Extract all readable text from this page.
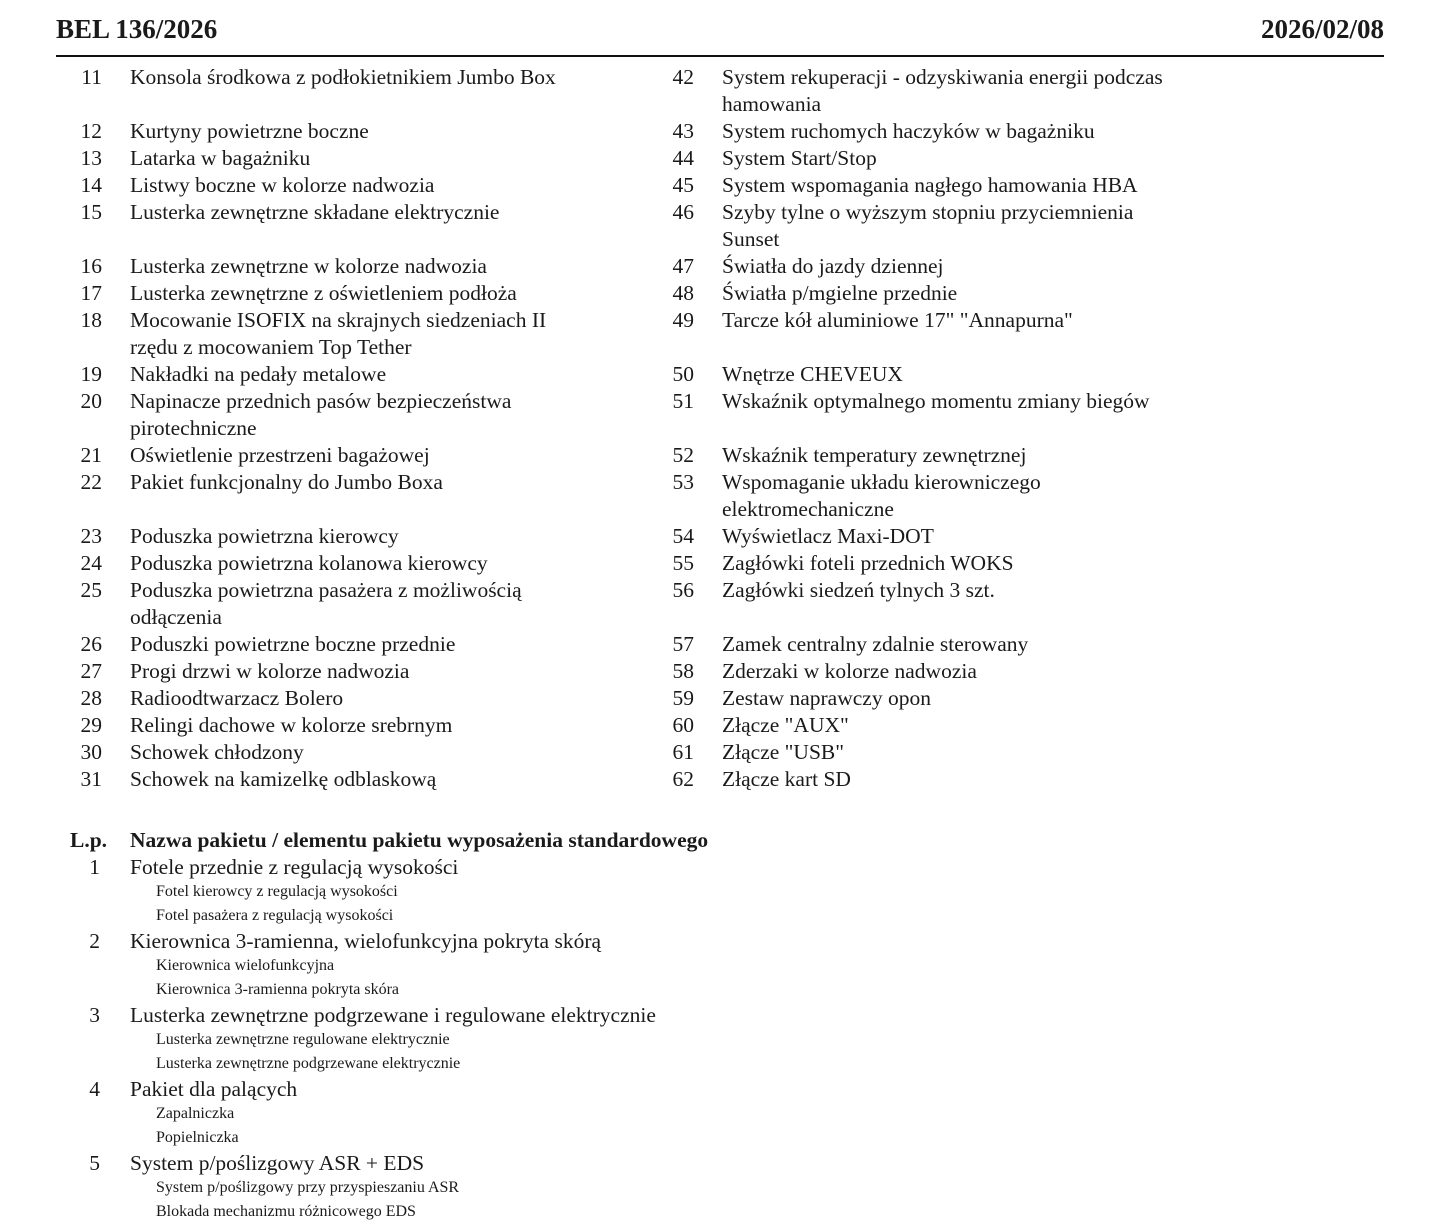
BEL 136/2026	2026/02/08
11 Konsola środkowa z podłokietnikiem Jumbo Box

12 Kurtyny powietrzne boczne
13 Latarka w bagażniku
14 Listwy boczne w kolorze nadwozia
15 Lusterka zewnętrzne składane elektrycznie

16 Lusterka zewnętrzne w kolorze nadwozia
17 Lusterka zewnętrzne z oświetleniem podłoża
18 Mocowanie ISOFIX na skrajnych siedzeniach II
rzędu z mocowaniem Top Tether
19 Nakładki na pedały metalowe
20 Napinacze przednich pasów bezpieczeństwa
pirotechniczne
21 Oświetlenie przestrzeni bagażowej
22 Pakiet funkcjonalny do Jumbo Boxa

23 Poduszka powietrzna kierowcy
24 Poduszka powietrzna kolanowa kierowcy
25 Poduszka powietrzna pasażera z możliwością
odłączenia
26 Poduszki powietrzne boczne przednie
27 Progi drzwi w kolorze nadwozia
28 Radioodtwarzacz Bolero
29 Relingi dachowe w kolorze srebrnym
30 Schowek chłodzony
31 Schowek na kamizelkę odblaskową
42 System rekuperacji - odzyskiwania energii podczas
hamowania
43 System ruchomych haczyków w bagażniku
44 System Start/Stop
45 System wspomagania nagłego hamowania HBA
46 Szyby tylne o wyższym stopniu przyciemnienia
Sunset
47 Światła do jazdy dziennej
48 Światła p/mgielne przednie
49 Tarcze kół aluminiowe 17" "Annapurna"

50 Wnętrze CHEVEUX
51 Wskaźnik optymalnego momentu zmiany biegów

52 Wskaźnik temperatury zewnętrznej
53 Wspomaganie układu kierowniczego
elektromechaniczne
54 Wyświetlacz Maxi-DOT
55 Zagłówki foteli przednich WOKS
56 Zagłówki siedzeń tylnych 3 szt.

57 Zamek centralny zdalnie sterowany
58 Zderzaki w kolorze nadwozia
59 Zestaw naprawczy opon
60 Złącze "AUX"
61 Złącze "USB"
62 Złącze kart SD
L.p. Nazwa pakietu / elementu pakietu wyposażenia standardowego
1 Fotele przednie z regulacją wysokości
Fotel kierowcy z regulacją wysokości
Fotel pasażera z regulacją wysokości
2 Kierownica 3-ramienna, wielofunkcyjna pokryta skórą
Kierownica wielofunkcyjna
Kierownica 3-ramienna pokryta skóra
3 Lusterka zewnętrzne podgrzewane i regulowane elektrycznie
Lusterka zewnętrzne regulowane elektrycznie
Lusterka zewnętrzne podgrzewane elektrycznie
4 Pakiet dla palących
Zapalniczka
Popielniczka
5 System p/poślizgowy ASR + EDS
System p/poślizgowy przy przyspieszaniu ASR
Blokada mechanizmu różnicowego EDS
